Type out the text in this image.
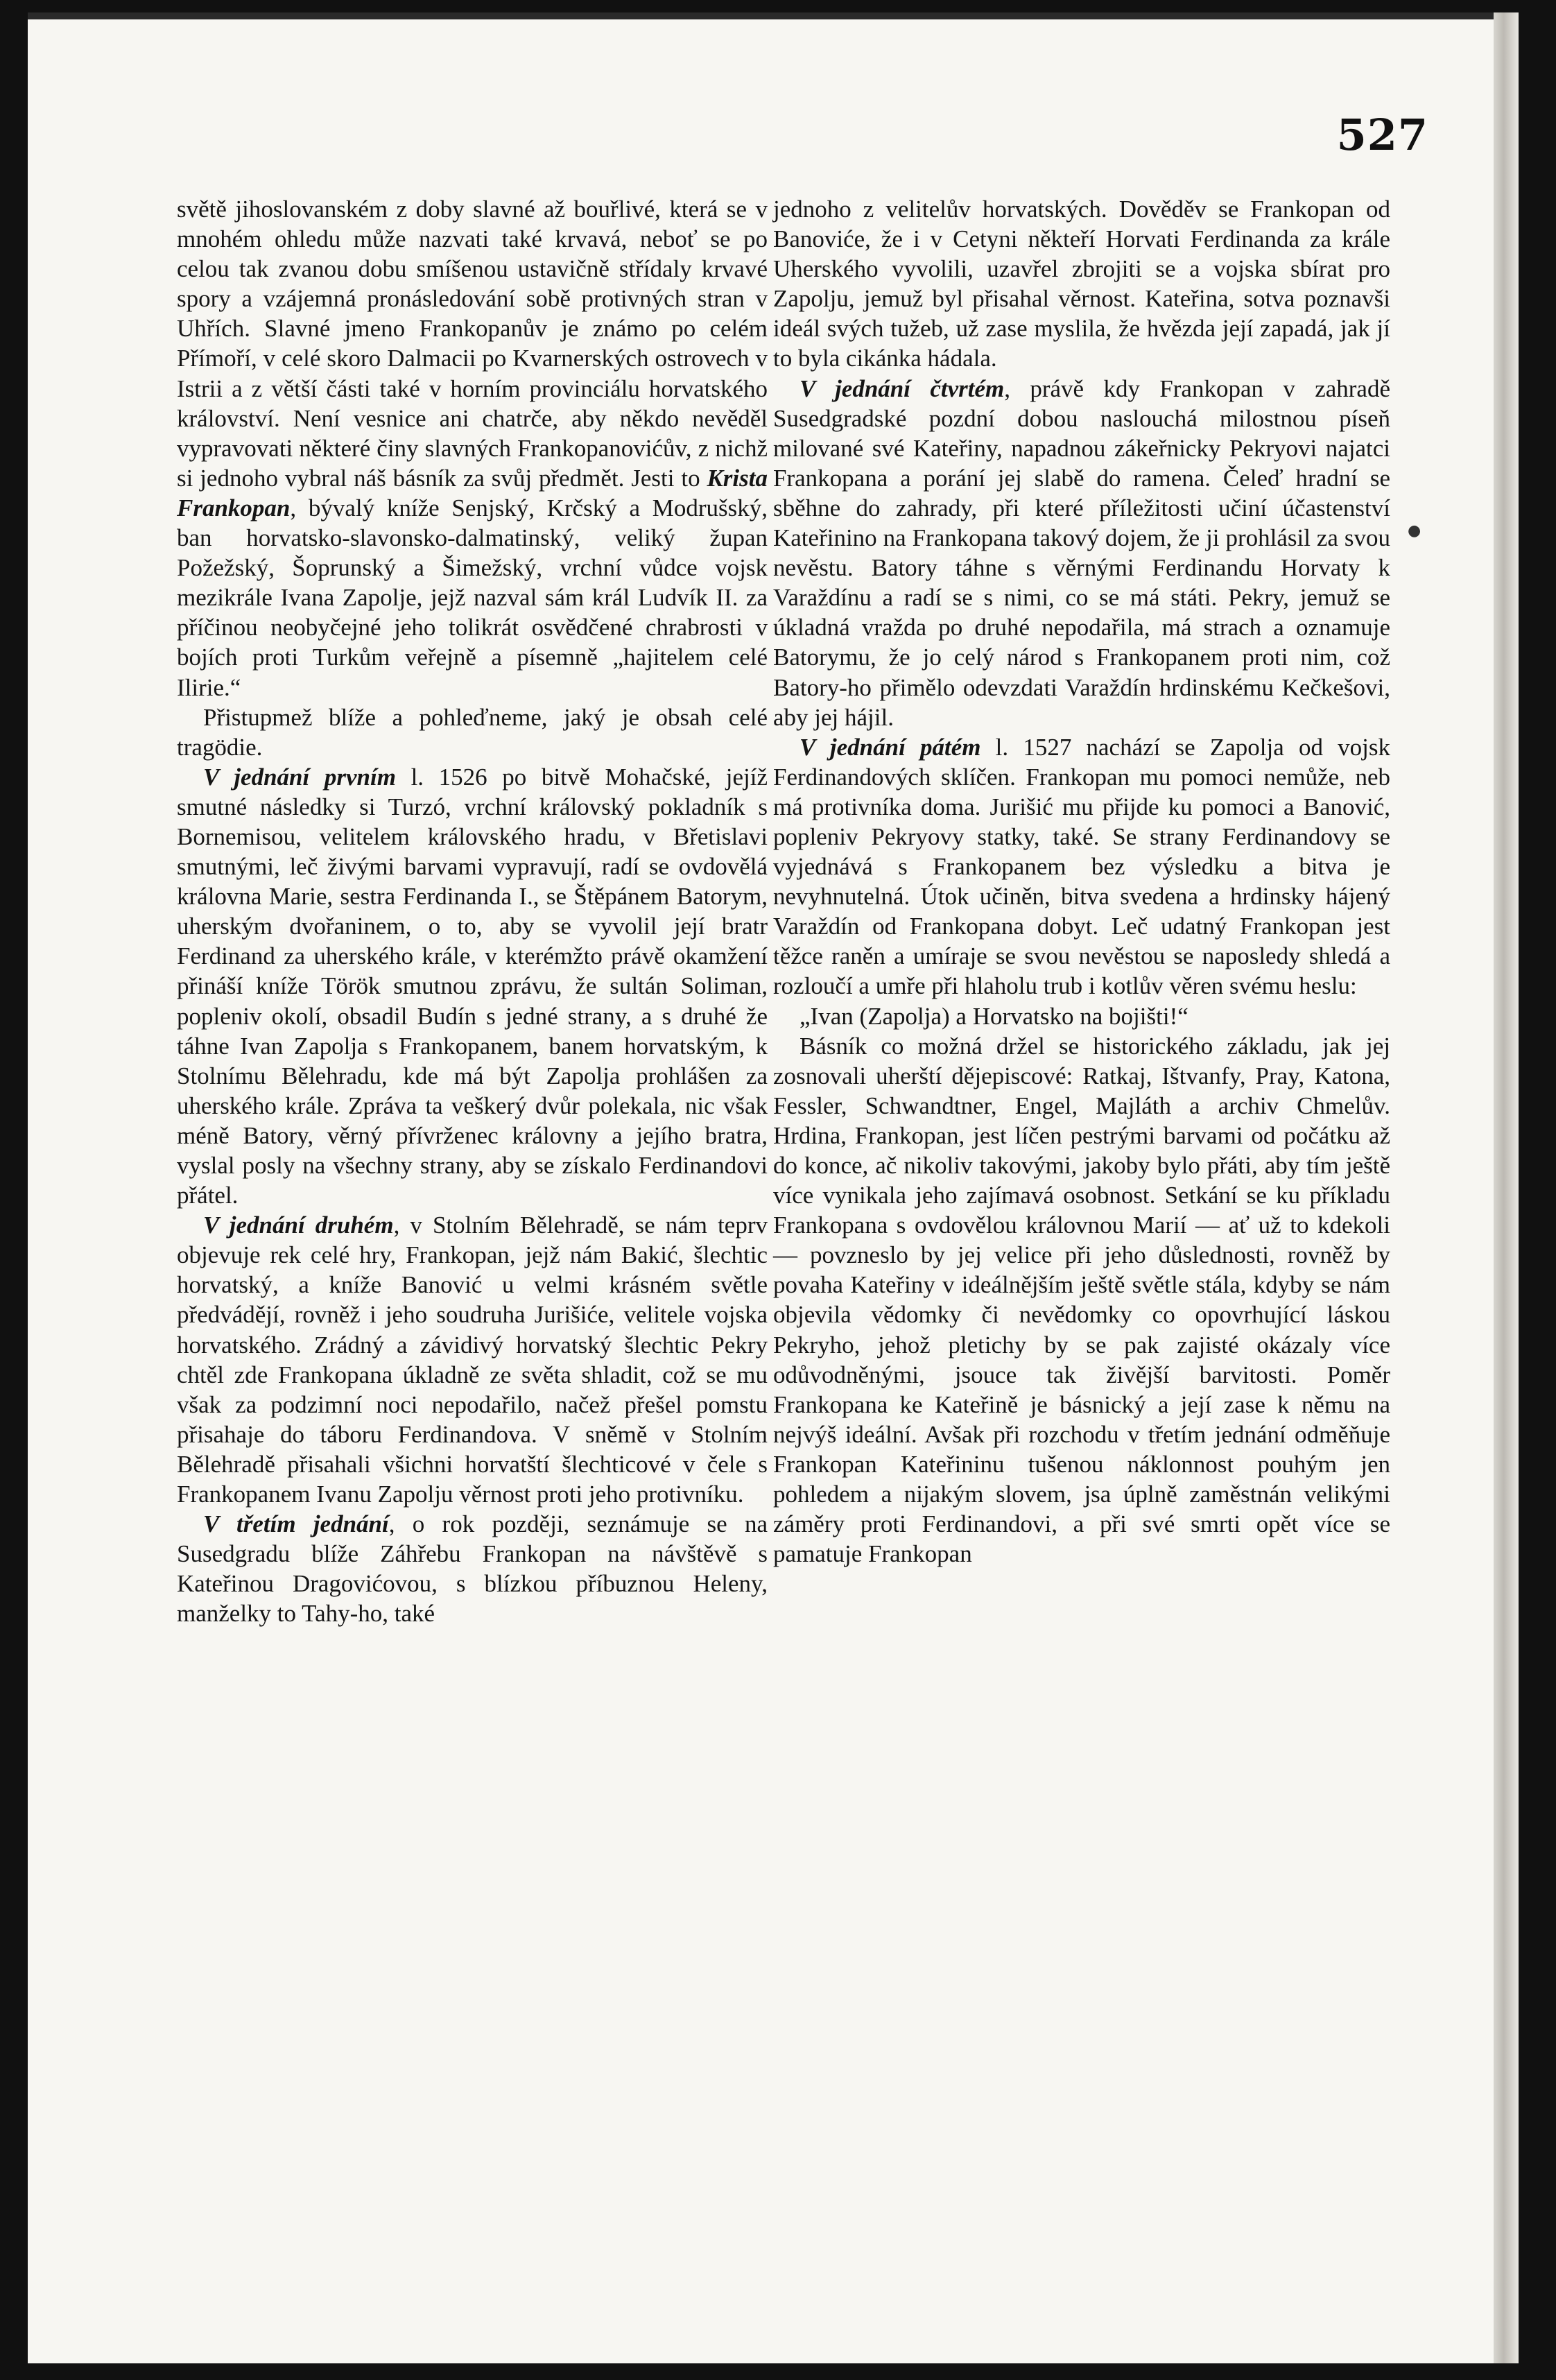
527

světě jihoslovanském z doby slavné až bouřlivé, která se v mnohém ohledu může nazvati také krvavá, neboť se po celou tak zvanou dobu smíšenou ustavičně střídaly krvavé spory a vzájemná pronásledování sobě protivných stran v Uhřích. Slavné jmeno Frankopanův je známo po celém Přímoří, v celé skoro Dalmacii po Kvarnerských ostrovech v Istrii a z větší části také v horním provinciálu horvatského království. Není vesnice ani chatrče, aby někdo nevěděl vypravovati některé činy slavných Frankopanovićův, z nichž si jednoho vybral náš básník za svůj předmět. Jesti to Krista Frankopan, bývalý kníže Senjský, Krčský a Modrušský, ban horvatsko-slavonsko-dalmatinský, veliký župan Požežský, Šoprunský a Šimežský, vrchní vůdce vojsk mezikrále Ivana Zapolje, jejž nazval sám král Ludvík II. za příčinou neobyčejné jeho tolikrát osvědčené chrabrosti v bojích proti Turkům veřejně a písemně „hajitelem celé Ilirie.“

Přistupmež blíže a pohleďneme, jaký je obsah celé tragödie.

V jednání prvním l. 1526 po bitvě Mohačské, jejíž smutné následky si Turzó, vrchní královský pokladník s Bornemisou, velitelem královského hradu, v Břetislavi smutnými, leč živými barvami vypravují, radí se ovdovělá královna Marie, sestra Ferdinanda I., se Štěpánem Batorym, uherským dvořaninem, o to, aby se vyvolil její bratr Ferdinand za uherského krále, v kterémžto právě okamžení přináší kníže Török smutnou zprávu, že sultán Soliman, popleniv okolí, obsadil Budín s jedné strany, a s druhé že táhne Ivan Zapolja s Frankopanem, banem horvatským, k Stolnímu Bělehradu, kde má být Zapolja prohlášen za uherského krále. Zpráva ta veškerý dvůr polekala, nic však méně Batory, věrný přívrženec královny a jejího bratra, vyslal posly na všechny strany, aby se získalo Ferdinandovi přátel.

V jednání druhém, v Stolním Bělehradě, se nám teprv objevuje rek celé hry, Frankopan, jejž nám Bakić, šlechtic horvatský, a kníže Banović u velmi krásném světle předvádějí, rovněž i jeho soudruha Jurišiće, velitele vojska horvatského. Zrádný a závidivý horvatský šlechtic Pekry chtěl zde Frankopana úkladně ze světa shladit, což se mu však za podzimní noci nepodařilo, načež přešel pomstu přisahaje do táboru Ferdinandova. V sněmě v Stolním Bělehradě přisahali všichni horvatští šlechticové v čele s Frankopanem Ivanu Zapolju věrnost proti jeho protivníku.

V třetím jednání, o rok později, seznámuje se na Susedgradu blíže Záhřebu Frankopan na návštěvě s Kateřinou Dragovićovou, s blízkou příbuznou Heleny, manželky to Tahy-ho, také

jednoho z velitelův horvatských. Dověděv se Frankopan od Banoviće, že i v Cetyni někteří Horvati Ferdinanda za krále Uherského vyvolili, uzavřel zbrojiti se a vojska sbírat pro Zapolju, jemuž byl přisahal věrnost. Kateřina, sotva poznavši ideál svých tužeb, už zase myslila, že hvězda její zapadá, jak jí to byla cikánka hádala.

V jednání čtvrtém, právě kdy Frankopan v zahradě Susedgradské pozdní dobou naslouchá milostnou píseň milované své Kateřiny, napadnou zákeřnicky Pekryovi najatci Frankopana a porání jej slabě do ramena. Čeleď hradní se sběhne do zahrady, při které příležitosti učiní účastenství Kateřinino na Frankopana takový dojem, že ji prohlásil za svou nevěstu. Batory táhne s věrnými Ferdinandu Horvaty k Varaždínu a radí se s nimi, co se má státi. Pekry, jemuž se úkladná vražda po druhé nepodařila, má strach a oznamuje Batorymu, že jo celý národ s Frankopanem proti nim, což Batory-ho přimělo odevzdati Varaždín hrdinskému Kečkešovi, aby jej hájil.

V jednání pátém l. 1527 nachází se Zapolja od vojsk Ferdinandových sklíčen. Frankopan mu pomoci nemůže, neb má protivníka doma. Jurišić mu přijde ku pomoci a Banović, popleniv Pekryovy statky, také. Se strany Ferdinandovy se vyjednává s Frankopanem bez výsledku a bitva je nevyhnutelná. Útok učiněn, bitva svedena a hrdinsky hájený Varaždín od Frankopana dobyt. Leč udatný Frankopan jest těžce raněn a umíraje se svou nevěstou se naposledy shledá a rozloučí a umře při hlaholu trub i kotlův věren svému heslu:

„Ivan (Zapolja) a Horvatsko na bojišti!“

Básník co možná držel se historického základu, jak jej zosnovali uherští dějepiscové: Ratkaj, Ištvanfy, Pray, Katona, Fessler, Schwandtner, Engel, Majláth a archiv Chmelův. Hrdina, Frankopan, jest líčen pestrými barvami od počátku až do konce, ač nikoliv takovými, jakoby bylo přáti, aby tím ještě více vynikala jeho zajímavá osobnost. Setkání se ku příkladu Frankopana s ovdovělou královnou Marií — ať už to kdekoli — povzneslo by jej velice při jeho důslednosti, rovněž by povaha Kateřiny v ideálnějším ještě světle stála, kdyby se nám objevila vědomky či nevědomky co opovrhující láskou Pekryho, jehož pletichy by se pak zajisté okázaly více odůvodněnými, jsouce tak živější barvitosti. Poměr Frankopana ke Kateřině je básnický a její zase k němu na nejvýš ideální. Avšak při rozchodu v třetím jednání odměňuje Frankopan Kateřininu tušenou náklonnost pouhým jen pohledem a nijakým slovem, jsa úplně zaměstnán velikými záměry proti Ferdinandovi, a při své smrti opět více se pamatuje Frankopan

●
